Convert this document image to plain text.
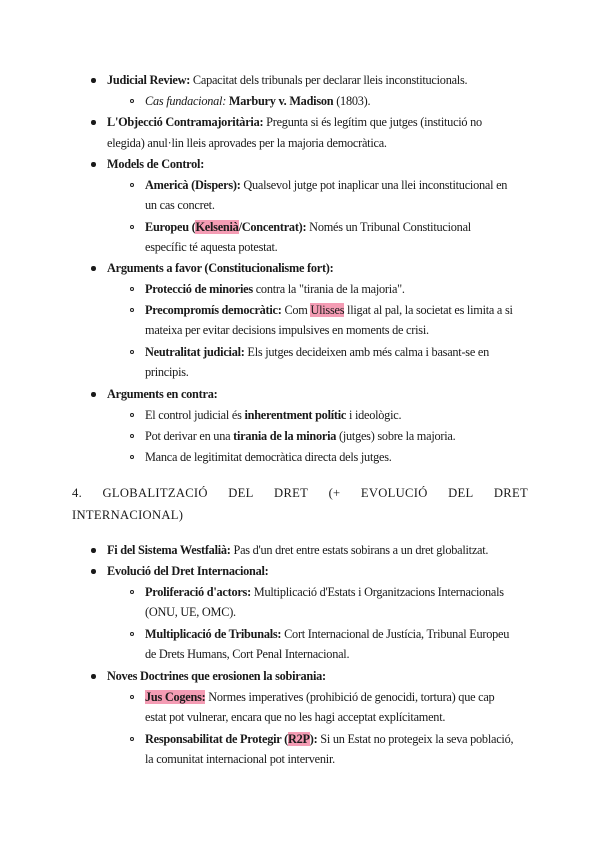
Judicial Review: Capacitat dels tribunals per declarar lleis inconstitucionals.
Cas fundacional: Marbury v. Madison (1803).
L'Objecció Contramajoritària: Pregunta si és legítim que jutges (institució no
elegida) anul·lin lleis aprovades per la majoria democràtica.
Models de Control:
Americà (Dispers): Qualsevol jutge pot inaplicar una llei inconstitucional en
un cas concret.
Europeu (Kelsenià/Concentrat): Només un Tribunal Constitucional
específic té aquesta potestat.
Arguments a favor (Constitucionalisme fort):
Protecció de minories contra la "tirania de la majoria".
Precompromís democràtic: Com Ulisses lligat al pal, la societat es limita a si
mateixa per evitar decisions impulsives en moments de crisi.
Neutralitat judicial: Els jutges decideixen amb més calma i basant-se en
principis.
Arguments en contra:
El control judicial és inherentment polític i ideològic.
Pot derivar en una tirania de la minoria (jutges) sobre la majoria.
Manca de legitimitat democràtica directa dels jutges.
4. GLOBALITZACIÓ DEL DRET (+ EVOLUCIÓ DEL DRET
INTERNACIONAL)
Fi del Sistema Westfalià: Pas d'un dret entre estats sobirans a un dret globalitzat.
Evolució del Dret Internacional:
Proliferació d'actors: Multiplicació d'Estats i Organitzacions Internacionals
(ONU, UE, OMC).
Multiplicació de Tribunals: Cort Internacional de Justícia, Tribunal Europeu
de Drets Humans, Cort Penal Internacional.
Noves Doctrines que erosionen la sobirania:
Jus Cogens: Normes imperatives (prohibició de genocidi, tortura) que cap
estat pot vulnerar, encara que no les hagi acceptat explícitament.
Responsabilitat de Protegir (R2P): Si un Estat no protegeix la seva població,
la comunitat internacional pot intervenir.
